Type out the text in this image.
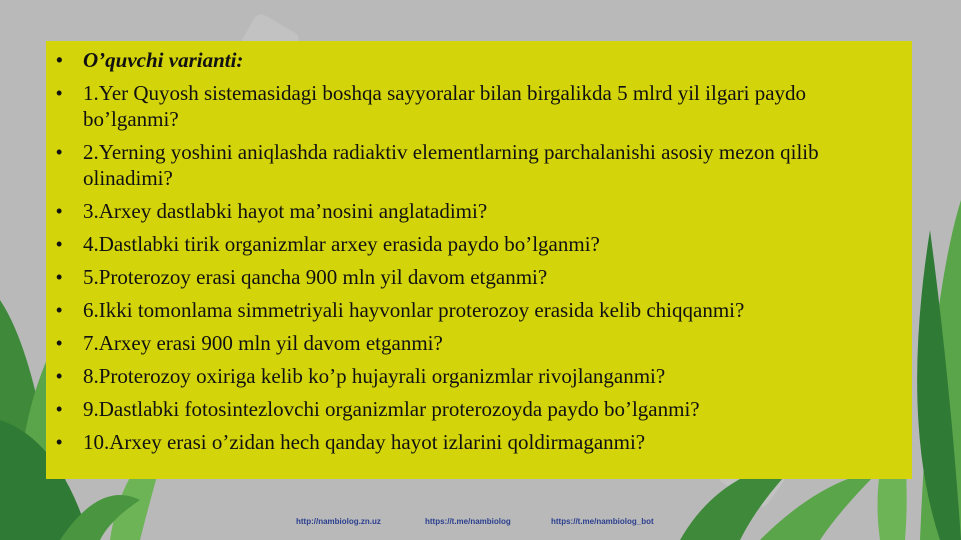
• O’quvchi varianti:
• 1.Yer Quyosh sistemasidagi boshqa sayyoralar bilan birgalikda 5 mlrd yil ilgari paydo bo’lganmi?
• 2.Yerning yoshini aniqlashda radiaktiv elementlarning parchalanishi asosiy mezon qilib olinadimi?
• 3.Arxey dastlabki hayot ma’nosini anglatadimi?
• 4.Dastlabki tirik organizmlar arxey erasida paydo bo’lganmi?
• 5.Proterozoy erasi qancha 900 mln yil davom etganmi?
• 6.Ikki tomonlama simmetriyali hayvonlar proterozoy erasida kelib chiqqanmi?
• 7.Arxey erasi 900 mln yil davom etganmi?
• 8.Proterozoy oxiriga kelib ko’p hujayrali organizmlar rivojlanganmi?
• 9.Dastlabki fotosintezlovchi organizmlar proterozoyda paydo bo’lganmi?
• 10.Arxey erasi o’zidan hech qanday hayot izlarini qoldirmaganmi?
http://nambiolog.zn.uz	https://t.me/nambiolog	https://t.me/nambiolog_bot
